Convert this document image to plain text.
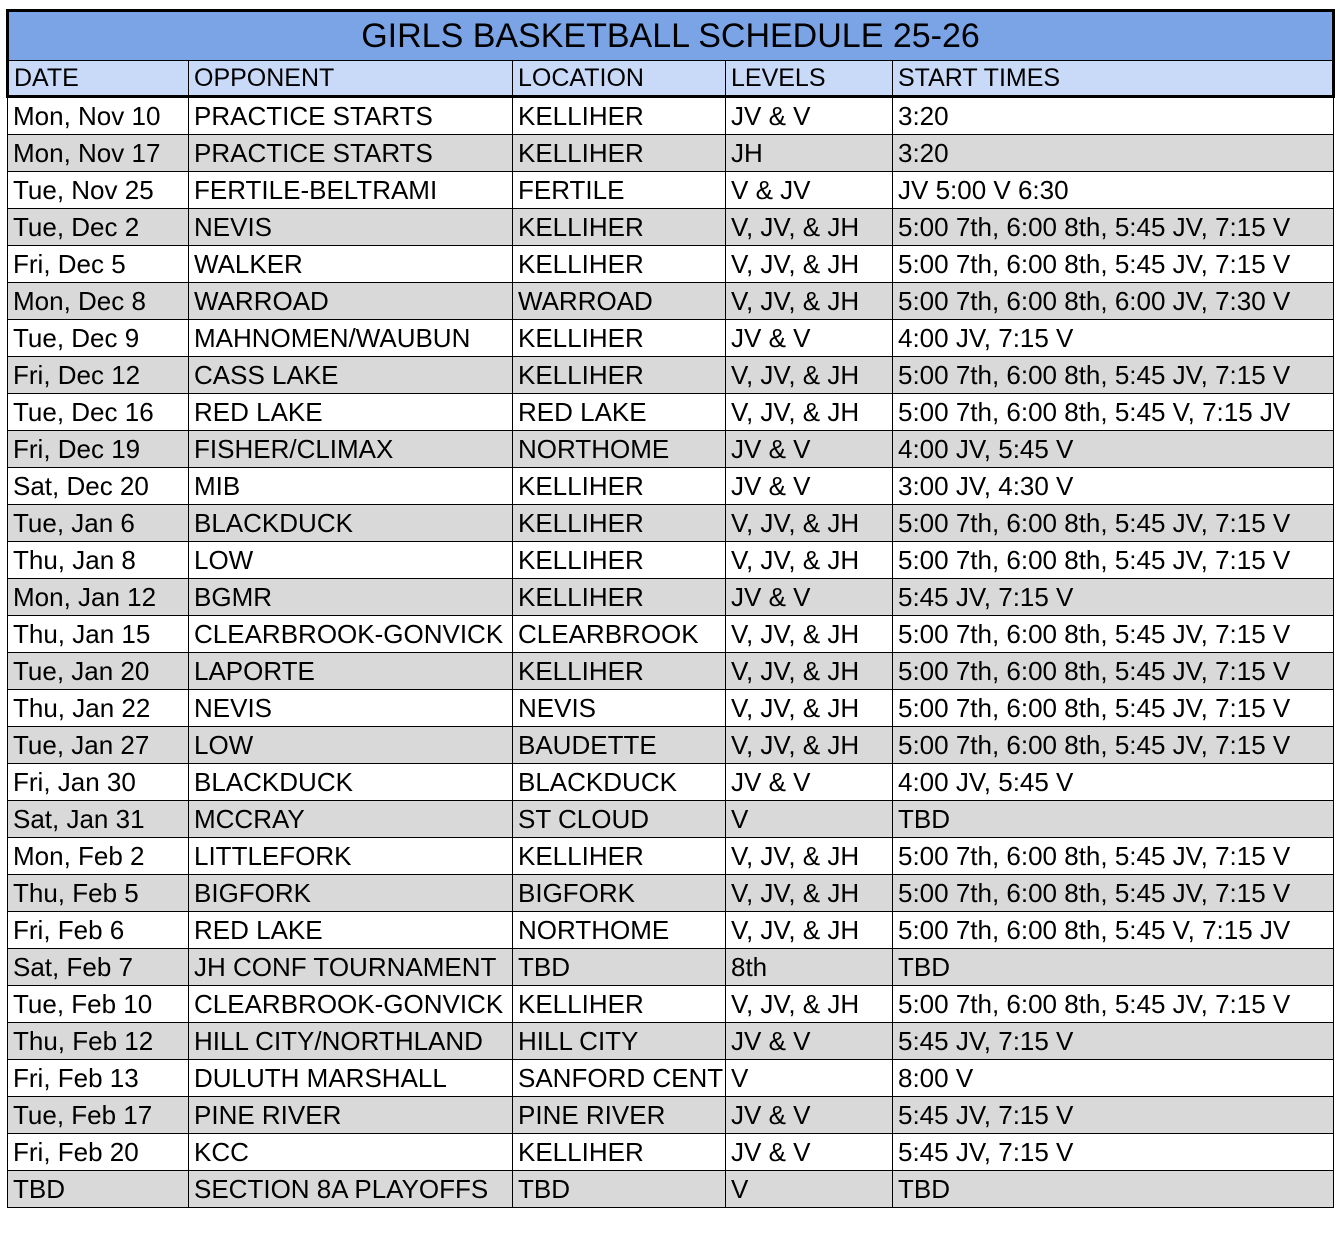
GIRLS BASKETBALL SCHEDULE 25-26				
DATE	OPPONENT	LOCATION	LEVELS	START TIMES
Mon, Nov 10	PRACTICE STARTS	KELLIHER	JV & V	3:20
Mon, Nov 17	PRACTICE STARTS	KELLIHER	JH	3:20
Tue, Nov 25	FERTILE-BELTRAMI	FERTILE	V & JV	JV 5:00 V 6:30
Tue, Dec 2	NEVIS	KELLIHER	V, JV, & JH	5:00 7th, 6:00 8th, 5:45 JV, 7:15 V
Fri, Dec 5	WALKER	KELLIHER	V, JV, & JH	5:00 7th, 6:00 8th, 5:45 JV, 7:15 V
Mon, Dec 8	WARROAD	WARROAD	V, JV, & JH	5:00 7th, 6:00 8th, 6:00 JV, 7:30 V
Tue, Dec 9	MAHNOMEN/WAUBUN	KELLIHER	JV & V	4:00 JV, 7:15 V
Fri, Dec 12	CASS LAKE	KELLIHER	V, JV, & JH	5:00 7th, 6:00 8th, 5:45 JV, 7:15 V
Tue, Dec 16	RED LAKE	RED LAKE	V, JV, & JH	5:00 7th, 6:00 8th, 5:45 V, 7:15 JV
Fri, Dec 19	FISHER/CLIMAX	NORTHOME	JV & V	4:00 JV, 5:45 V
Sat, Dec 20	MIB	KELLIHER	JV & V	3:00 JV, 4:30 V
Tue, Jan 6	BLACKDUCK	KELLIHER	V, JV, & JH	5:00 7th, 6:00 8th, 5:45 JV, 7:15 V
Thu, Jan 8	LOW	KELLIHER	V, JV, & JH	5:00 7th, 6:00 8th, 5:45 JV, 7:15 V
Mon, Jan 12	BGMR	KELLIHER	JV & V	5:45 JV, 7:15 V
Thu, Jan 15	CLEARBROOK-GONVICK	CLEARBROOK	V, JV, & JH	5:00 7th, 6:00 8th, 5:45 JV, 7:15 V
Tue, Jan 20	LAPORTE	KELLIHER	V, JV, & JH	5:00 7th, 6:00 8th, 5:45 JV, 7:15 V
Thu, Jan 22	NEVIS	NEVIS	V, JV, & JH	5:00 7th, 6:00 8th, 5:45 JV, 7:15 V
Tue, Jan 27	LOW	BAUDETTE	V, JV, & JH	5:00 7th, 6:00 8th, 5:45 JV, 7:15 V
Fri, Jan 30	BLACKDUCK	BLACKDUCK	JV & V	4:00 JV, 5:45 V
Sat, Jan 31	MCCRAY	ST CLOUD	V	TBD
Mon, Feb 2	LITTLEFORK	KELLIHER	V, JV, & JH	5:00 7th, 6:00 8th, 5:45 JV, 7:15 V
Thu, Feb 5	BIGFORK	BIGFORK	V, JV, & JH	5:00 7th, 6:00 8th, 5:45 JV, 7:15 V
Fri, Feb 6	RED LAKE	NORTHOME	V, JV, & JH	5:00 7th, 6:00 8th, 5:45 V, 7:15 JV
Sat, Feb 7	JH CONF TOURNAMENT	TBD	8th	TBD
Tue, Feb 10	CLEARBROOK-GONVICK	KELLIHER	V, JV, & JH	5:00 7th, 6:00 8th, 5:45 JV, 7:15 V
Thu, Feb 12	HILL CITY/NORTHLAND	HILL CITY	JV & V	5:45 JV, 7:15 V
Fri, Feb 13	DULUTH MARSHALL	SANFORD CENT	V	8:00 V
Tue, Feb 17	PINE RIVER	PINE RIVER	JV & V	5:45 JV, 7:15 V
Fri, Feb 20	KCC	KELLIHER	JV & V	5:45 JV, 7:15 V
TBD	SECTION 8A PLAYOFFS	TBD	V	TBD
